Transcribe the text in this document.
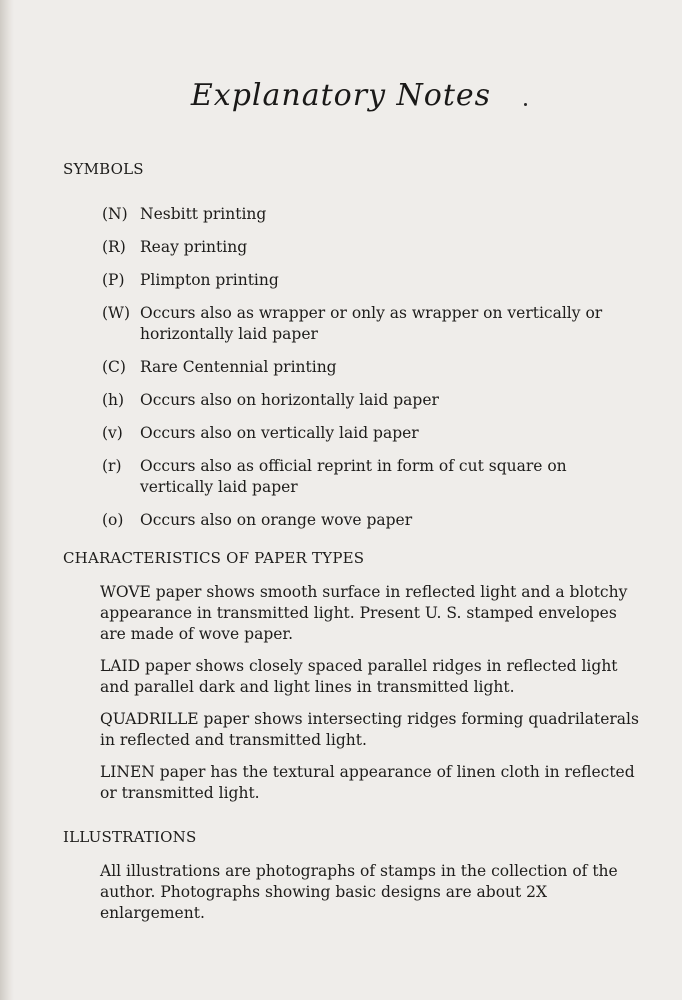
Explanatory Notes
SYMBOLS
(N) Nesbitt printing
(R) Reay printing
(P) Plimpton printing
(W) Occurs also as wrapper or only as wrapper on vertically or horizontally laid paper
(C) Rare Centennial printing
(h)	Occurs also on horizontally laid paper
(v)	Occurs also on vertically laid paper
(r)	Occurs also as official reprint in form of cut square on vertically laid paper
(o)	Occurs also on orange wove paper
CHARACTERISTICS OF PAPER TYPES
WOVE paper shows smooth surface in reflected light and a blotchy appearance in transmitted light. Present U. S. stamped envelopes are made of wove paper.
LAID paper shows closely spaced parallel ridges in reflected light and parallel dark and light lines in transmitted light.
QUADRILLE paper shows intersecting ridges forming quadrilaterals in reflected and transmitted light.
LINEN paper has the textural appearance of linen cloth in reflected or transmitted light.
ILLUSTRATIONS
All illustrations are photographs of stamps in the collection of the author. Photographs showing basic designs are about 2X enlargement.
